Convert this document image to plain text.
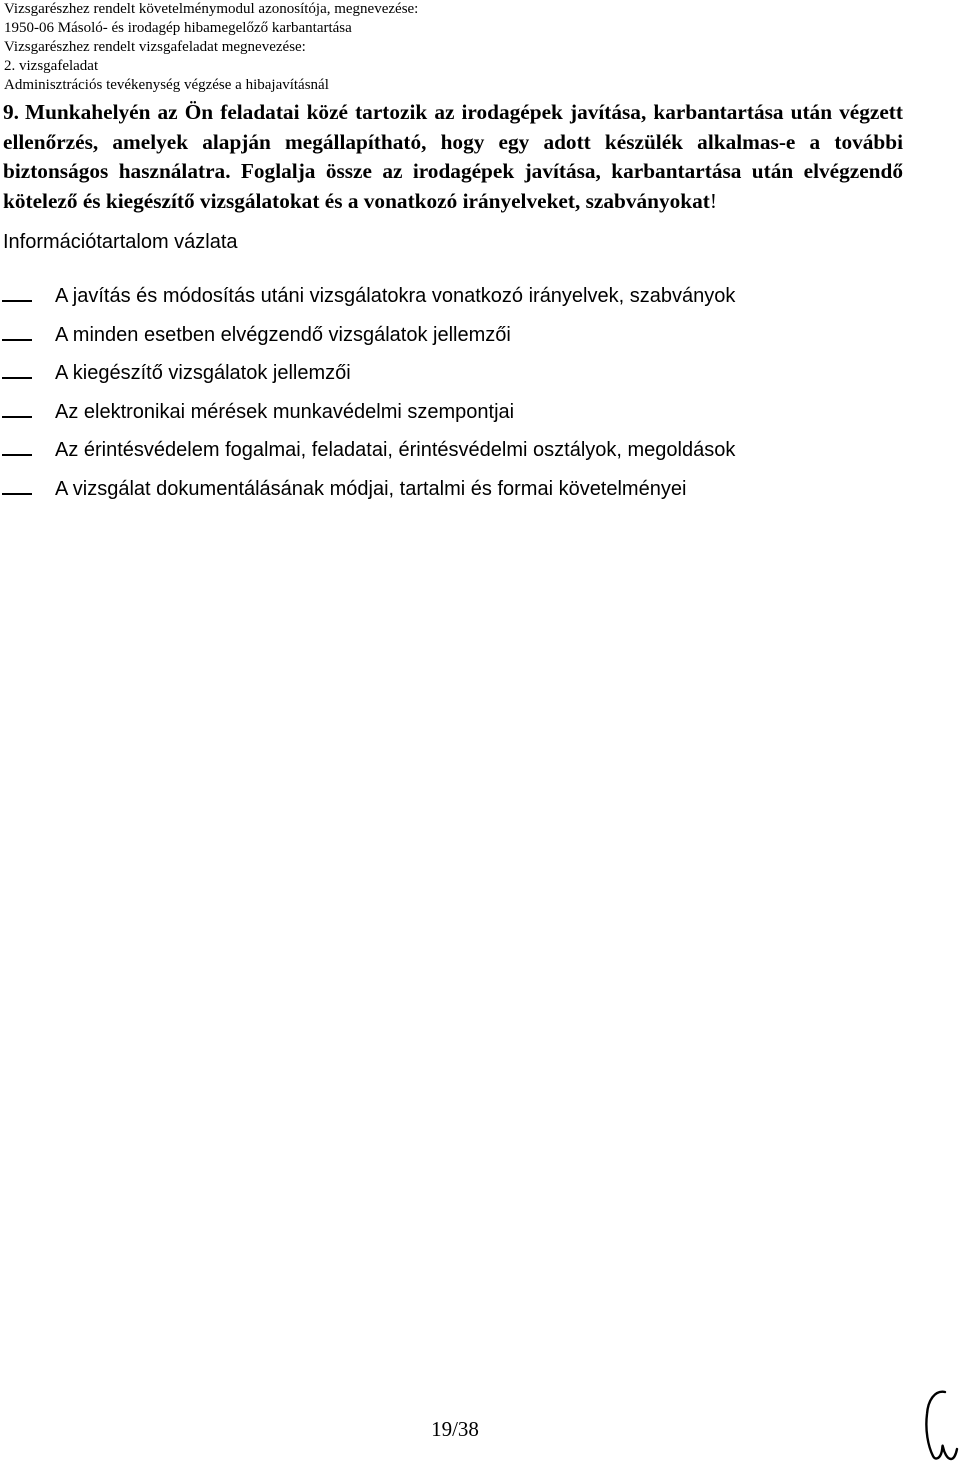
Vizsgarészhez rendelt követelménymodul azonosítója, megnevezése:
1950-06 Másoló- és irodagép hibamegelőző karbantartása
Vizsgarészhez rendelt vizsgafeladat megnevezése:
2. vizsgafeladat
Adminisztrációs tevékenység végzése a hibajavításnál

9. Munkahelyén az Ön feladatai közé tartozik az irodagépek javítása, karbantartása után végzett ellenőrzés, amelyek alapján megállapítható, hogy egy adott készülék alkalmas-e a további biztonságos használatra. Foglalja össze az irodagépek javítása, karbantartása után elvégzendő kötelező és kiegészítő vizsgálatokat és a vonatkozó irányelveket, szabványokat!

Információtartalom vázlata
A javítás és módosítás utáni vizsgálatokra vonatkozó irányelvek, szabványok
A minden esetben elvégzendő vizsgálatok jellemzői
A kiegészítő vizsgálatok jellemzői
Az elektronikai mérések munkavédelmi szempontjai
Az érintésvédelem fogalmai, feladatai, érintésvédelmi osztályok, megoldások
A vizsgálat dokumentálásának módjai, tartalmi és formai követelményei
19/38
